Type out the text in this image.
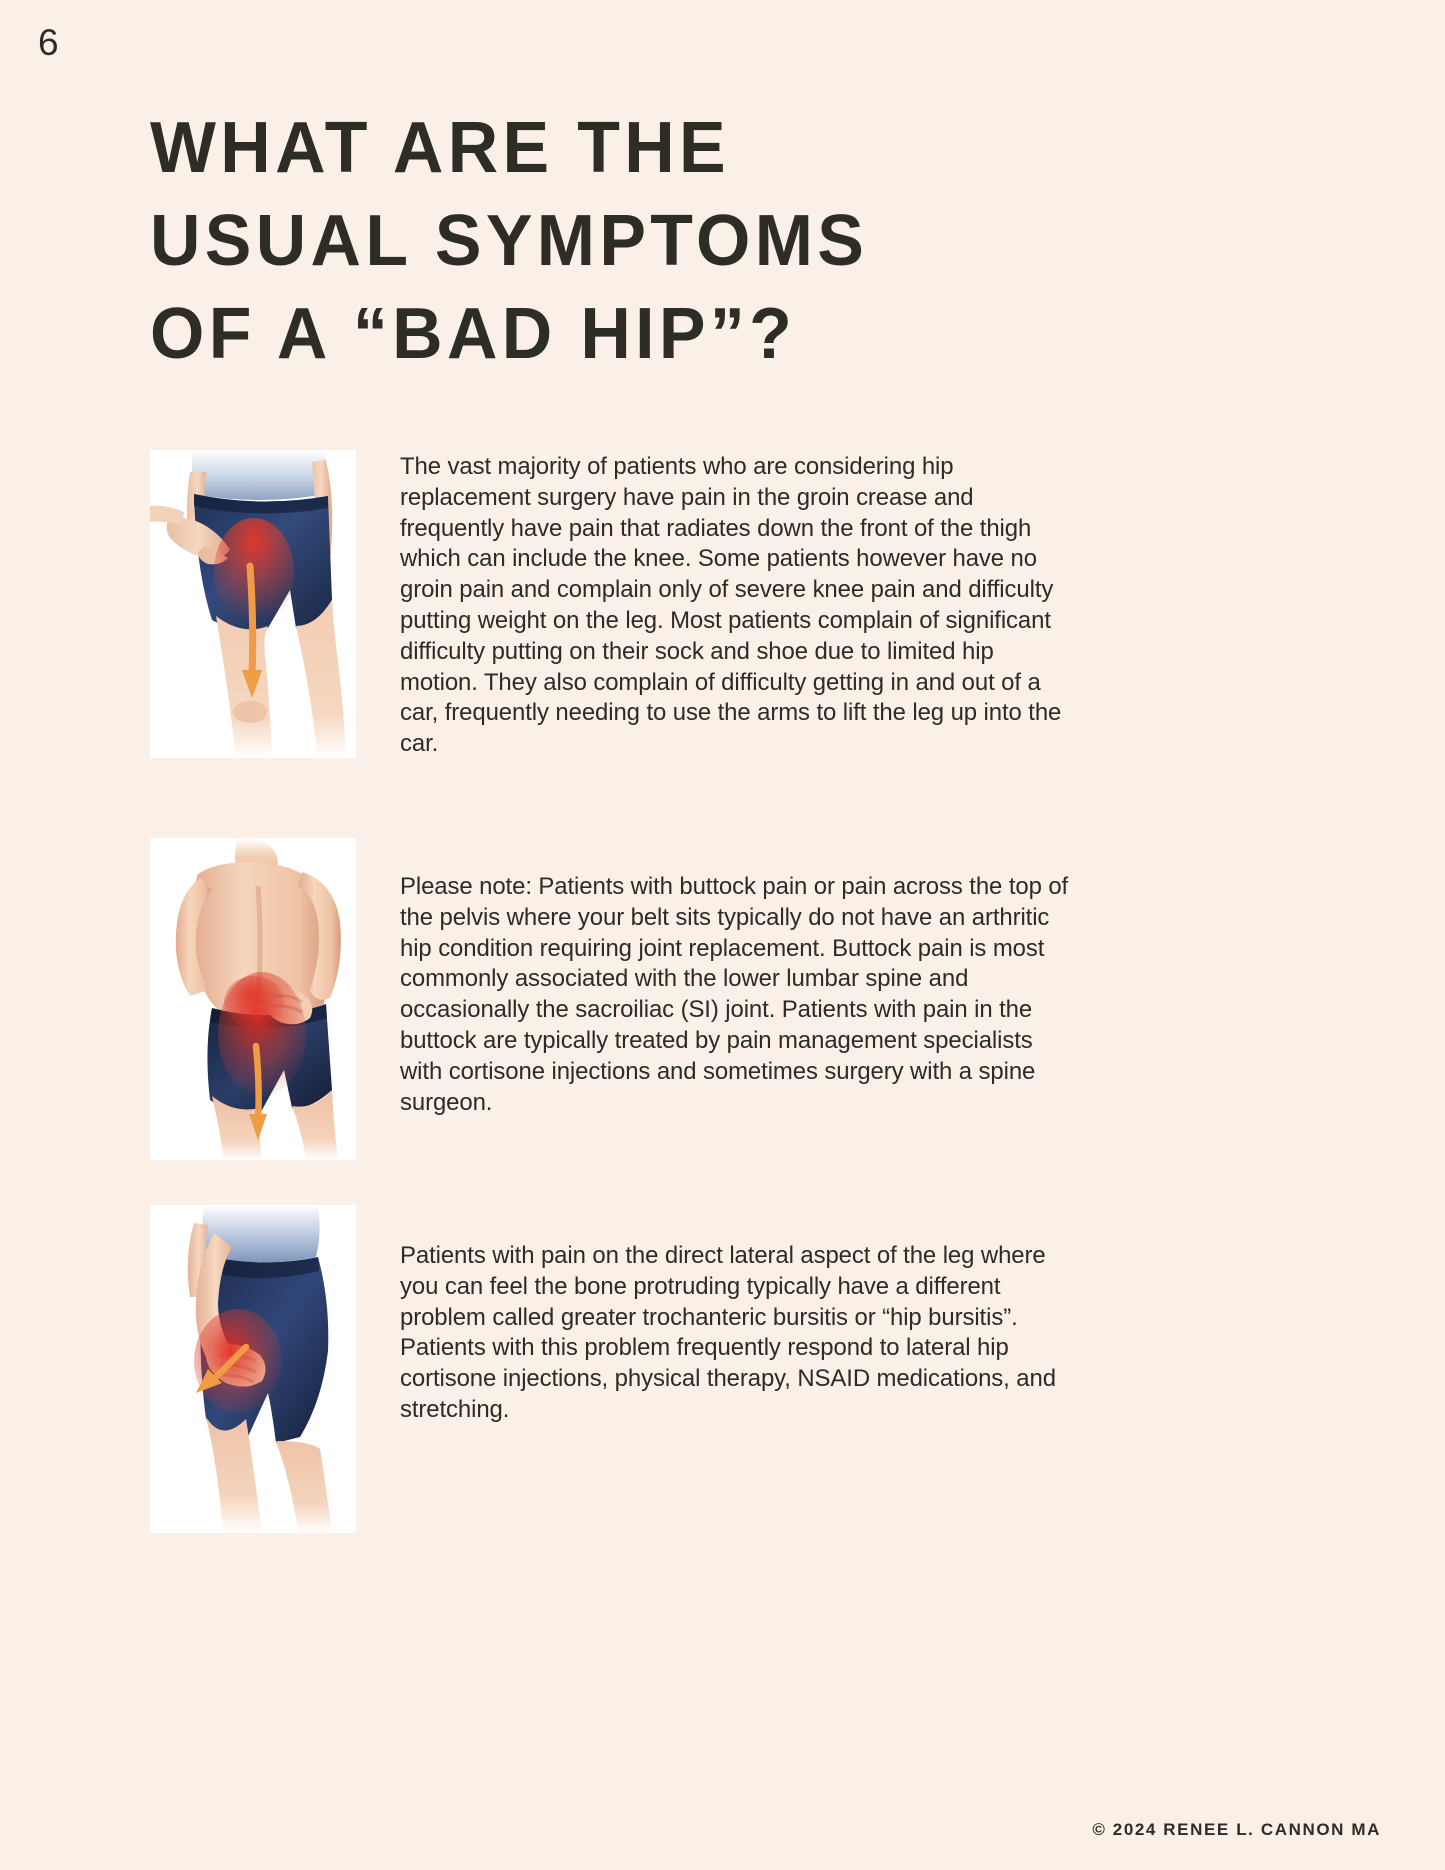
6
WHAT ARE THE
USUAL SYMPTOMS
OF A “BAD HIP”?

The vast majority of patients who are considering hip replacement surgery have pain in the groin crease and frequently have pain that radiates down the front of the thigh which can include the knee. Some patients however have no groin pain and complain only of severe knee pain and difficulty putting weight on the leg. Most patients complain of significant difficulty putting on their sock and shoe due to limited hip motion. They also complain of difficulty getting in and out of a car, frequently needing to use the arms to lift the leg up into the car.

Please note: Patients with buttock pain or pain across the top of the pelvis where your belt sits typically do not have an arthritic hip condition requiring joint replacement. Buttock pain is most commonly associated with the lower lumbar spine and occasionally the sacroiliac (SI) joint. Patients with pain in the buttock are typically treated by pain management specialists with cortisone injections and sometimes surgery with a spine surgeon.

Patients with pain on the direct lateral aspect of the leg where you can feel the bone protruding typically have a different problem called greater trochanteric bursitis or “hip bursitis”. Patients with this problem frequently respond to lateral hip cortisone injections, physical therapy, NSAID medications, and stretching.

© 2024 RENEE L. CANNON MA
